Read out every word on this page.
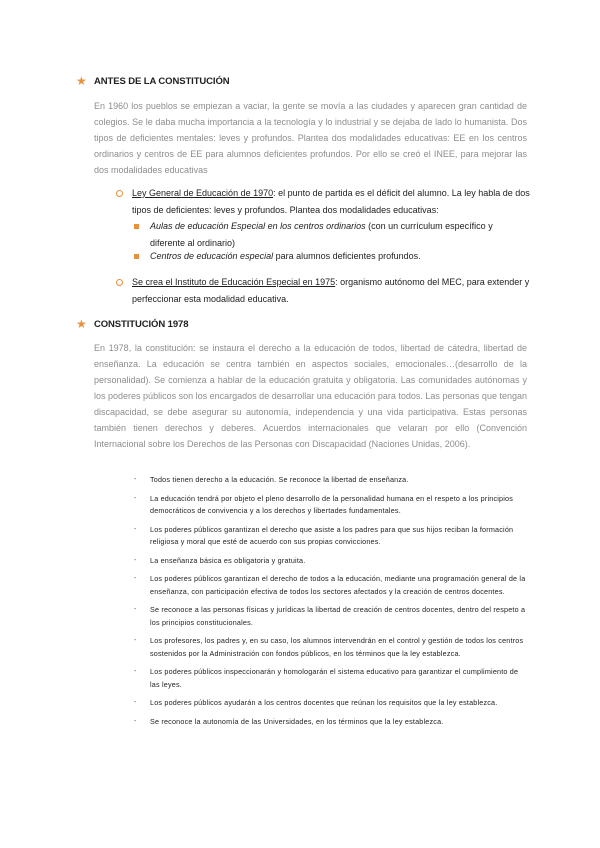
★ ANTES DE LA CONSTITUCIÓN
En 1960 los pueblos se empiezan a vaciar, la gente se movía a las ciudades y aparecen gran cantidad de colegios. Se le daba mucha importancia a la tecnología y lo industrial y se dejaba de lado lo humanista. Dos tipos de deficientes mentales: leves y profundos. Plantea dos modalidades educativas: EE en los centros ordinarios y centros de EE para alumnos deficientes profundos. Por ello se creó el INEE, para mejorar las dos modalidades educativas
Ley General de Educación de 1970: el punto de partida es el déficit del alumno. La ley habla de dos tipos de deficientes: leves y profundos. Plantea dos modalidades educativas:
Aulas de educación Especial en los centros ordinarios (con un currículum específico y diferente al ordinario)
Centros de educación especial para alumnos deficientes profundos.
Se crea el Instituto de Educación Especial en 1975: organismo autónomo del MEC, para extender y perfeccionar esta modalidad educativa.
★ CONSTITUCIÓN 1978
En 1978, la constitución: se instaura el derecho a la educación de todos, libertad de cátedra, libertad de enseñanza. La educación se centra también en aspectos sociales, emocionales…(desarrollo de la personalidad). Se comienza a hablar de la educación gratuita y obligatoria. Las comunidades autónomas y los poderes públicos son los encargados de desarrollar una educación para todos. Las personas que tengan discapacidad, se debe asegurar su autonomía, independencia y una vida participativa. Estas personas también tienen derechos y deberes. Acuerdos internacionales que velaran por ello (Convención Internacional sobre los Derechos de las Personas con Discapacidad (Naciones Unidas, 2006).
- Todos tienen derecho a la educación. Se reconoce la libertad de enseñanza.
- La educación tendrá por objeto el pleno desarrollo de la personalidad humana en el respeto a los principios democráticos de convivencia y a los derechos y libertades fundamentales.
- Los poderes públicos garantizan el derecho que asiste a los padres para que sus hijos reciban la formación religiosa y moral que esté de acuerdo con sus propias convicciones.
- La enseñanza básica es obligatoria y gratuita.
- Los poderes públicos garantizan el derecho de todos a la educación, mediante una programación general de la enseñanza, con participación efectiva de todos los sectores afectados y la creación de centros docentes.
- Se reconoce a las personas físicas y jurídicas la libertad de creación de centros docentes, dentro del respeto a los principios constitucionales.
- Los profesores, los padres y, en su caso, los alumnos intervendrán en el control y gestión de todos los centros sostenidos por la Administración con fondos públicos, en los términos que la ley establezca.
- Los poderes públicos inspeccionarán y homologarán el sistema educativo para garantizar el cumplimiento de las leyes.
- Los poderes públicos ayudarán a los centros docentes que reúnan los requisitos que la ley establezca.
- Se reconoce la autonomía de las Universidades, en los términos que la ley establezca.
